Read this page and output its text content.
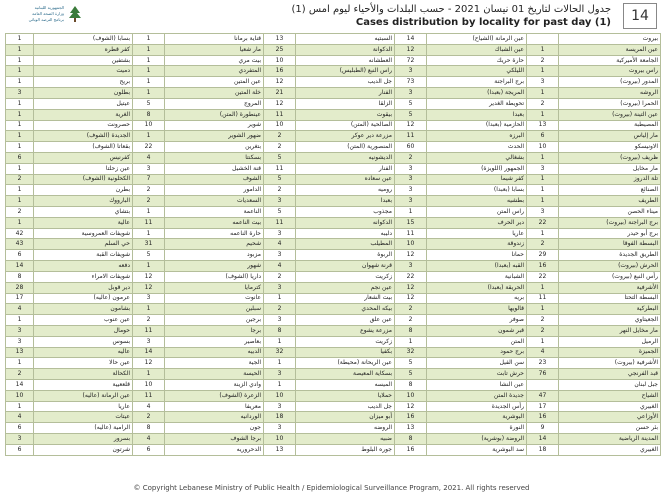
الجمهورية اللبنانية
وزارة الصحة العامة
برنامج الترصد الوبائي
جدول الحالات لتاريخ 01 نيسان 2021 - حسب البلدات والأحياء ليوم امس (1)
Cases distribution by locality for past day (1)	14
1	بسابا (الشوف)	1	قناية برمانا	13	السبتيه	14	عين الرمانة (الشياح)		بيروت
1	كفر قطره	1	مار شعيا	25	الدكوانة	12	عين الشباك	1	عين المريسة
1	بشتفين	1	بيت مري	10	العطشانه	72	حارة حريك	2	الجامعة الأميركية
1	دميت	1	المتفردي	16	راس النبع (الطبليس)	3	الليلكي	1	راس بيروت
1	بريح	1	عين المتين	12	جل الديب	73	برج البراجنة	3	المدور (بيروت)
3	بطلون	1	خلة المتين	21	الفنار	3	المريجة (بعبدا)	1	الروشه
1	عيتيل	5	المروج	12	الزلقا	5	تحويطة الغدير	2	الحمرا (بيروت)
1	الغرية	8	عينطورة (المتن)	11	بيقوت	5	بعبدا	1	عين التينة (بيروت)
1	حصرونت	10	شوير	10	الصالحية (المتن)	12	الحازمية (بعبدا)	13	المصيطبة
1	الجديدة (الشوف)	1	ضهور الشوير	2	مزرعة دير عوكر	11	البرزه	6	مار إلياس
1	بقعاتا (الشوف)	22	بتغرين	2	المنصورية (المتن)	60	الحدث	10	الاونيسكو
6	كفرنيس	4	بسكنتا	5	الديشونيه	2	بشغالي	1	ظريف (بيروت)
1	عين زحلتا	3	قنة الخشيل	11	الفنار	3	الجمهور (اللويزة)	3	مار مخايل
2	الكحلونية (الشوف)	7	الشوف	5	عين سعاده	3	كفر شيما	1	تلة الدروز
1	بطرن	2	الدامور	2	روميه	3	بسابا (بعبدا)	1	الصنائع
1	البارووك	2	السعديات	3	بعبدا	3	بطشيه	1	الطريف
2	بتشاي	1	الناعمة	5	مجذوب	1	راس المتن	3	ميناء الحصن
1	عالية	11	بيت الناعمه	11	الدكوانه	15	دير الحرف	22	برج البراجنة (بيروت)
42	شويفات العمروسية	1	حارة الناعمه	3	دليبه	11	عاريا	1	برج أبو حيدر
43	حي السلم	31	شحيم	4	المطيلب	10	زندوقة	2	البسطة الفوقا
6	شويفات القبة	5	مزبود	3	الربوة	12	حمانا	29	الطريق الجديدة
14	دفعه	1	شهور	4	قرنة شهوان	3	القبه (بعبدا)	16	الحرش (بيروت)
8	شويفات الامراء	12	داريا (الشوف)	2	زكريت	22	الشبانية	22	رأس النبع (بيروت)
28	دير قوبل	12	كترمايا	3	عين نجم	12	الحريقة (بعبدا)	1	الأشرفية
17	عرمون (عاليه)	3	عانوت	1	بيت الشعار	12	بريه	11	البسطة التحتا
4	بشامون	1	سبلين	2	بيكه المحدي	2	قالويها	1	البطركية
1	عين عنوب	2	برجين	3	عين علق	2	صوفر	2	الجعيتاوي
3	حومال	11	برجا	8	مزرعة يشوع	8	قبر شمون	2	مار مخايل النهر
3	بسوس	3	بعاصير	1	زكريت	1	المتن	1	الرميل
13	عاليه	14	الدبيه	32	بكفيا	32	برج حمود	4	الجميزة
1	عين حالا	12	الجية	1	عين الريحانة (محيطة)	5	سن الفيل	23	الأشرفية (بيروت)
2	الكحالة	1	الحيسة	3	بسكاية المعيصة	5	حرش تابت	76	قبد الفرنجي
14	قلععيية	10	وادي الزينة	1	الميسه	8	عين النشا		جبل لبنان
10	عين الرمانة (عاليه)	11	الزعرة (الشوف)	10	حملايا	10	جديدة المتن	47	الشياح
1	عاريا	4	معريفا	3	جل الديب	12	رأس الجديدة	17	الغبيري
4	عيتات	2	الوردانيه	18	أبو ميزان	16	البوشرية	16	الأوزاعي
6	الرامية (عاليه)	8	جون	3	الروضه	13	النورة	9	بئر حسن
3	بسرور	4	برجا الشوف	10	ضبيه	8	الروضة (بوشرية)	14	المدينة الرياضية
6	شرتون	6	الدحروريه	13	جوره البلوط	16	سد البوشرية	18	الغبيري
© Copyright Lebanese Ministry of Public Health / Epidemiological Surveillance Program, 2021. All rights reserved
